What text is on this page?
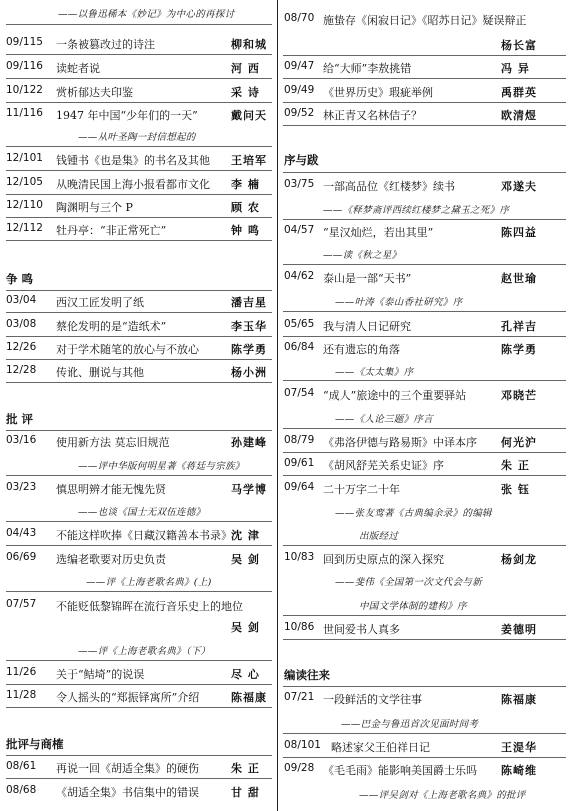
——以鲁迅稀本《妙记》为中心的再探讨
09/115 一条被篡改过的诗注	柳和城
09/116 读蛇者说	河 西
10/122 赏析郁达夫印鉴	采 诗
11/116 1947 年中国“少年们的一天”	戴问天
——从叶圣陶一封信想起的
12/101 钱锺书《也是集》的书名及其他 王培军
12/105 从晚清民国上海小报看都市文化 李 楠
12/110 陶渊明与三个 P	顾 农
12/112 牡丹亭：“非正常死亡”	钟 鸣
争 鸣
03/04 西汉工匠发明了纸	潘吉星
03/08 蔡伦发明的是“造纸术”	李玉华
12/26 对于学术随笔的放心与不放心	陈学勇
12/28 传讹、删说与其他	杨小洲
批 评
03/16 使用新方法 莫忘旧规范	孙建峰
——评中华版何明星著《蒋廷与宗族》
03/23 慎思明辨才能无愧先贤	马学博
——也谈《国士无双伍连德》
04/43 不能这样吹捧《日藏汉籍善本书录》 沈 津
06/69 选编老歌要对历史负责	吴 剑
——评《上海老歌名典》(上)
07/57 不能贬低黎锦晖在流行音乐史上的地位
吴 剑
——评《上海老歌名典》（下）
11/26 关于“鲒埼”的说误	尽 心
11/28 令人摇头的“郑振铎寓所”介绍	陈福康
批评与商榷
08/61 再说一回《胡适全集》的硬伤	朱 正
08/68 《胡适全集》书信集中的错误	甘 甜
08/70 施蛰存《闲寂日记》《昭苏日记》疑误辩正
杨长富
09/47 给“大师”李敖挑错	冯 异
09/49 《世界历史》瑕疵举例	禹群英
09/52 林正青又名林佶子？	欧清煜
序与跋
03/75 一部高品位《红楼梦》续书	邓遂夫
——《释梦斋评西续红楼梦之黛玉之死》序
04/57 “星汉灿烂，若出其里”	陈四益
——读《秋之星》
04/62 泰山是一部“天书”	赵世瑜
——叶涛《泰山香社研究》序
05/65 我与清人日记研究	孔祥吉
06/84 还有遗忘的角落	陈学勇
——《太太集》序
07/54 “成人”旅途中的三个重要驿站	邓晓芒
——《人论三题》序言
08/79 《弗洛伊德与路易斯》中译本序 何光沪
09/61 《胡风舒芜关系史证》序	朱 正
09/64 二十万字二十年	张 钰
——张友鸾著《古典编余录》的编辑
出版经过
10/83 回到历史原点的深入探究	杨剑龙
——斐伟《全国第一次文代会与新
中国文学体制的建构》序
10/86 世间爱书人真多	姜德明
编读往来
07/21 一段鲜活的文学往事	陈福康
——巴金与鲁迅首次见面时间考
08/101 略述家父王伯祥日记	王湜华
09/28 《毛毛雨》能影响美国爵士乐吗 陈崎维
——评吴剑对《上海老歌名典》的批评
